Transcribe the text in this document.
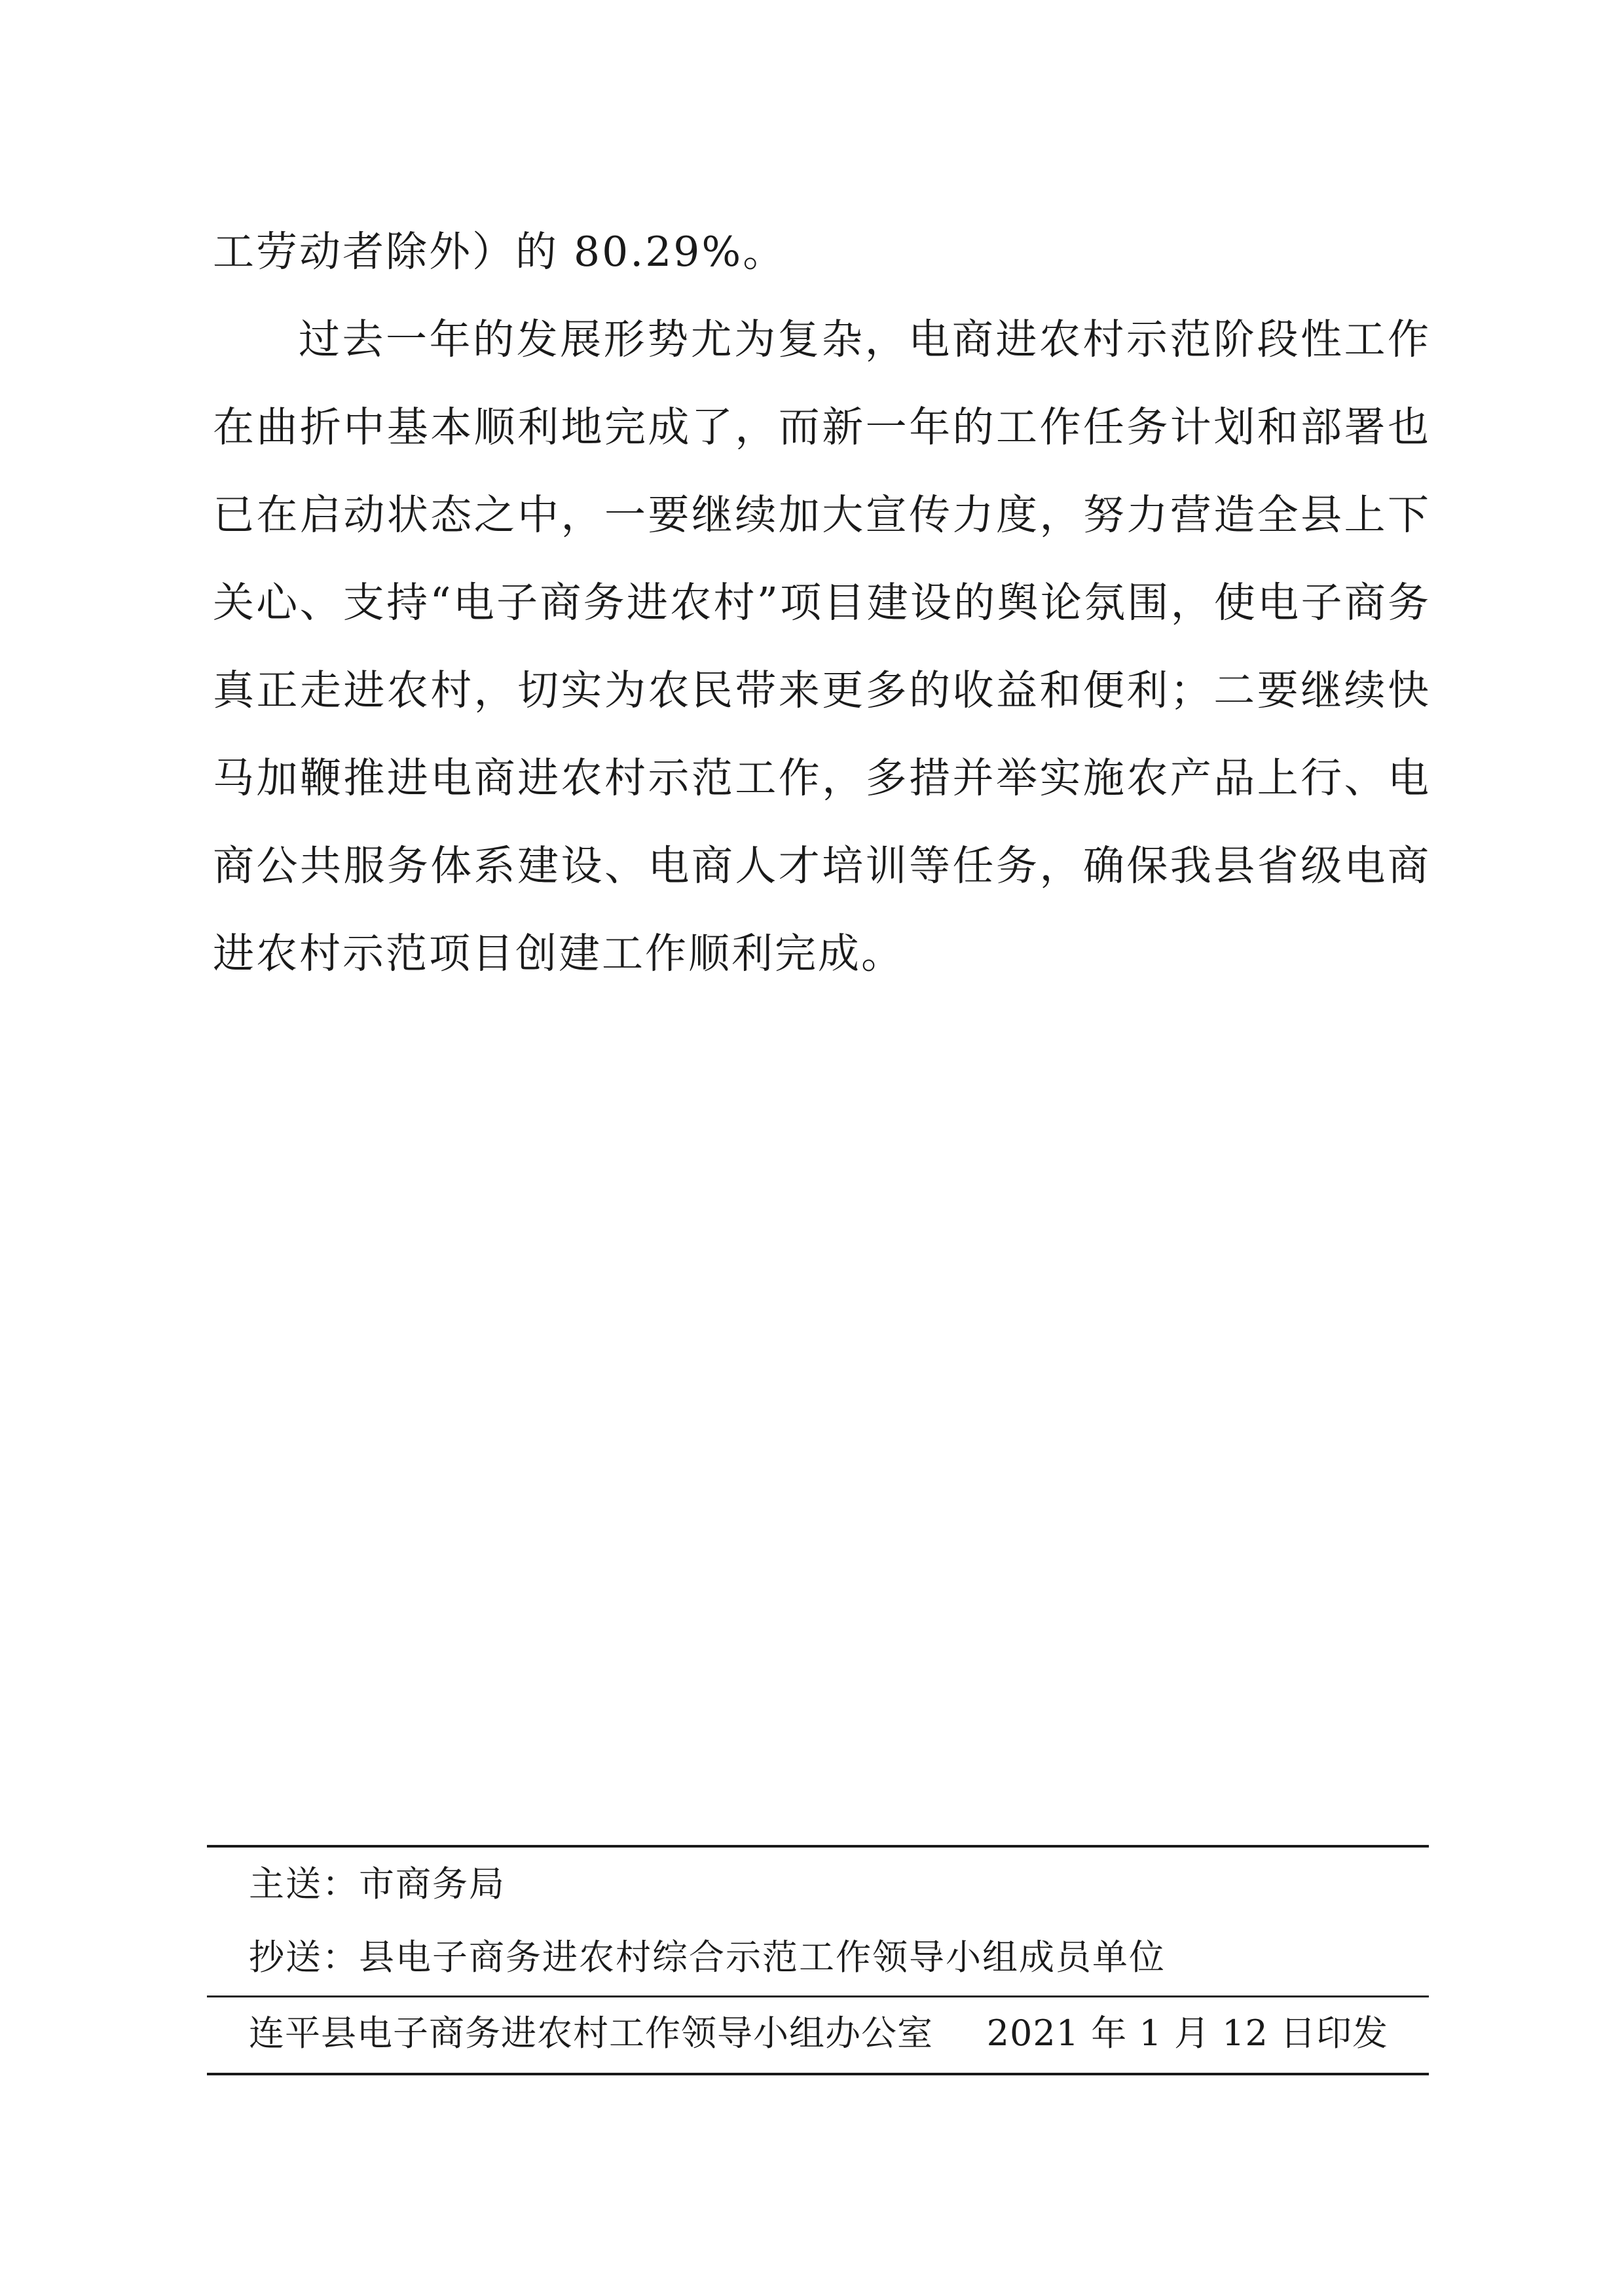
工劳动者除外）的 80.29%。

过去一年的发展形势尤为复杂，电商进农村示范阶段性工作在曲折中基本顺利地完成了，而新一年的工作任务计划和部署也已在启动状态之中，一要继续加大宣传力度，努力营造全县上下关心、支持“电子商务进农村”项目建设的舆论氛围，使电子商务真正走进农村，切实为农民带来更多的收益和便利；二要继续快马加鞭推进电商进农村示范工作，多措并举实施农产品上行、电商公共服务体系建设、电商人才培训等任务，确保我县省级电商进农村示范项目创建工作顺利完成。

主送：市商务局
抄送：县电子商务进农村综合示范工作领导小组成员单位
连平县电子商务进农村工作领导小组办公室 2021 年 1 月 12 日印发
